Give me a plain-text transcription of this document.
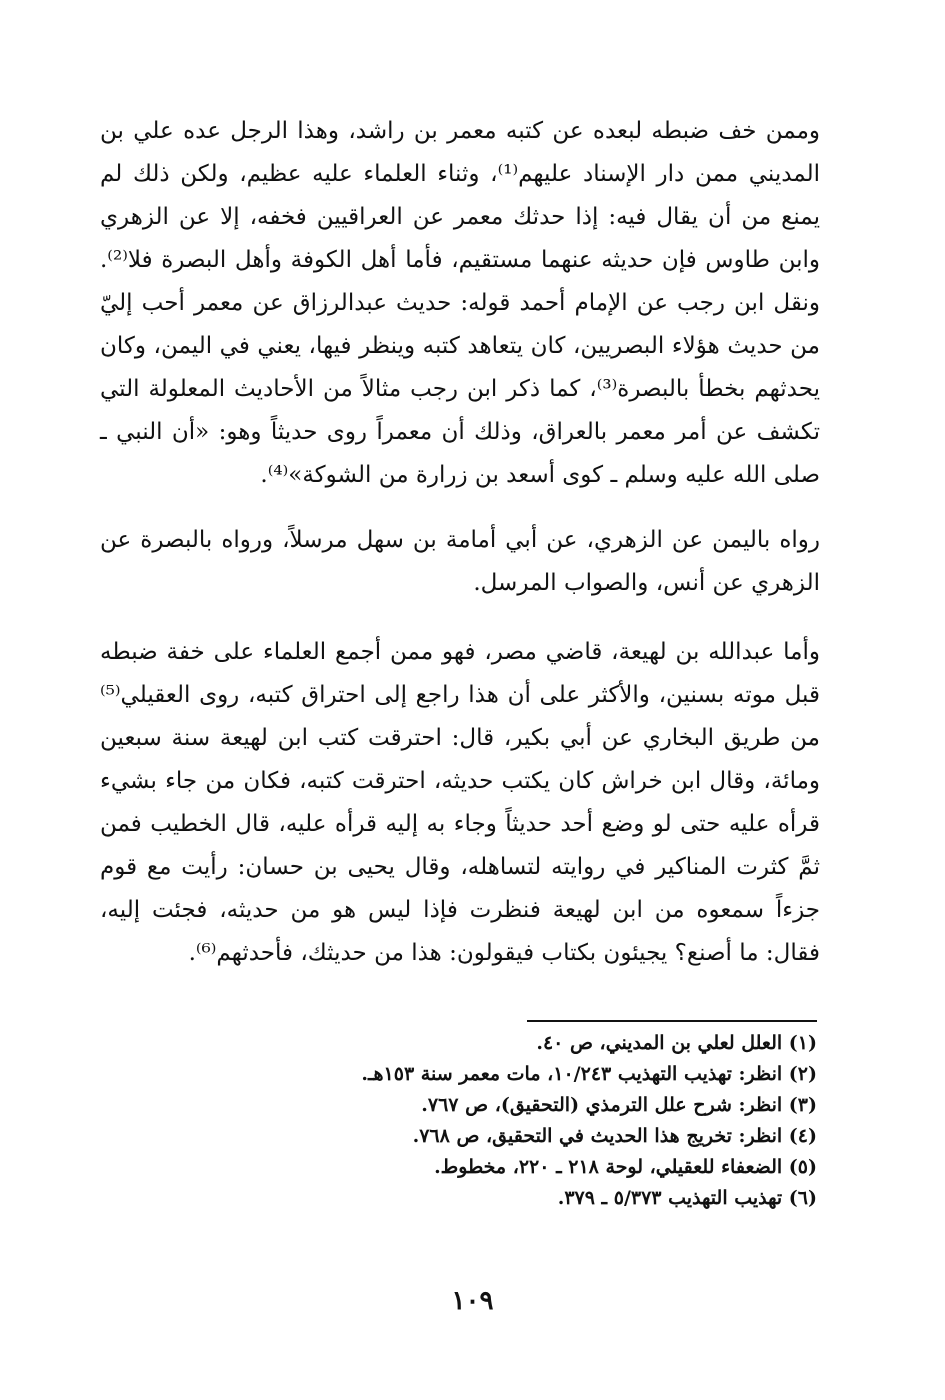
وممن خف ضبطه لبعده عن كتبه معمر بن راشد، وهذا الرجل عده علي بن المديني ممن دار الإسناد عليهم⁽¹⁾، وثناء العلماء عليه عظيم، ولكن ذلك لم يمنع من أن يقال فيه: إذا حدثك معمر عن العراقيين فخفه، إلا عن الزهري وابن طاوس فإن حديثه عنهما مستقيم، فأما أهل الكوفة وأهل البصرة فلا⁽²⁾. ونقل ابن رجب عن الإمام أحمد قوله: حديث عبدالرزاق عن معمر أحب إليّ من حديث هؤلاء البصريين، كان يتعاهد كتبه وينظر فيها، يعني في اليمن، وكان يحدثهم بخطأ بالبصرة⁽³⁾، كما ذكر ابن رجب مثالاً من الأحاديث المعلولة التي تكشف عن أمر معمر بالعراق، وذلك أن معمراً روى حديثاً وهو: «أن النبي ـ صلى الله عليه وسلم ـ كوى أسعد بن زرارة من الشوكة»⁽⁴⁾.

رواه باليمن عن الزهري، عن أبي أمامة بن سهل مرسلاً، ورواه بالبصرة عن الزهري عن أنس، والصواب المرسل.

وأما عبدالله بن لهيعة، قاضي مصر، فهو ممن أجمع العلماء على خفة ضبطه قبل موته بسنين، والأكثر على أن هذا راجع إلى احتراق كتبه، روى العقيلي⁽⁵⁾ من طريق البخاري عن أبي بكير، قال: احترقت كتب ابن لهيعة سنة سبعين ومائة، وقال ابن خراش كان يكتب حديثه، احترقت كتبه، فكان من جاء بشيء قرأه عليه حتى لو وضع أحد حديثاً وجاء به إليه قرأه عليه، قال الخطيب فمن ثمَّ كثرت المناكير في روايته لتساهله، وقال يحيى بن حسان: رأيت مع قوم جزءاً سمعوه من ابن لهيعة فنظرت فإذا ليس هو من حديثه، فجئت إليه، فقال: ما أصنع؟ يجيئون بكتاب فيقولون: هذا من حديثك، فأحدثهم⁽⁶⁾.

(١) العلل لعلي بن المديني، ص ٤٠.

(٢) انظر: تهذيب التهذيب ١٠/٢٤٣، مات معمر سنة ١٥٣هـ.

(٣) انظر: شرح علل الترمذي (التحقيق)، ص ٧٦٧.

(٤) انظر: تخريج هذا الحديث في التحقيق، ص ٧٦٨.

(٥) الضعفاء للعقيلي، لوحة ٢١٨ ـ ٢٢٠، مخطوط.

(٦) تهذيب التهذيب ٥/٣٧٣ ـ ٣٧٩.

١٠٩
